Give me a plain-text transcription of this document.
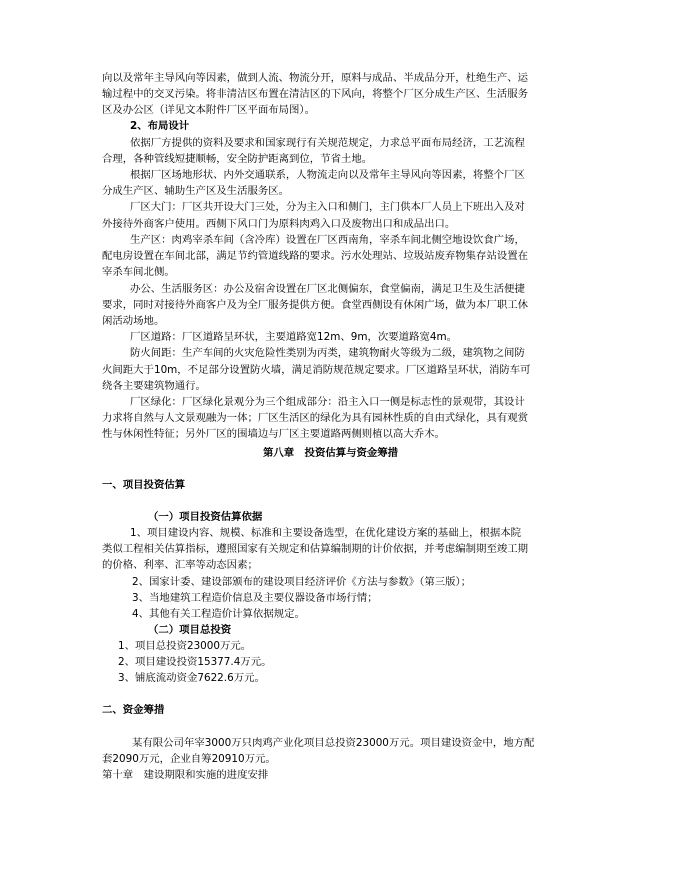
向以及常年主导风向等因素，做到人流、物流分开，原料与成品、半成品分开，杜绝生产、运
输过程中的交叉污染。将非清洁区布置在清洁区的下风向，将整个厂区分成生产区、生活服务
区及办公区（详见文本附件厂区平面布局图）。
2、布局设计
依据厂方提供的资料及要求和国家现行有关规范规定，力求总平面布局经济，工艺流程
合理，各种管线短捷顺畅，安全防护距离到位，节省土地。
根据厂区场地形状、内外交通联系，人物流走向以及常年主导风向等因素，将整个厂区
分成生产区、辅助生产区及生活服务区。
厂区大门：厂区共开设大门三处，分为主入口和侧门，主门供本厂人员上下班出入及对
外接待外商客户使用。西侧下风口门为原料肉鸡入口及废物出口和成品出口。
生产区：肉鸡宰杀车间（含冷库）设置在厂区西南角，宰杀车间北侧空地设饮食广场，
配电房设置在车间北部，满足节约管道线路的要求。污水处理站、垃圾站废弃物集存站设置在
宰杀车间北侧。
办公、生活服务区：办公及宿舍设置在厂区北侧偏东，食堂偏南，满足卫生及生活便捷
要求，同时对接待外商客户及为全厂服务提供方便。食堂西侧设有休闲广场，做为本厂职工休
闲活动场地。
厂区道路：厂区道路呈环状，主要道路宽12m、9m，次要道路宽4m。
防火间距：生产车间的火灾危险性类别为丙类，建筑物耐火等级为二级，建筑物之间防
火间距大于10m，不足部分设置防火墙，满足消防规范规定要求。厂区道路呈环状，消防车可
绕各主要建筑物通行。
厂区绿化：厂区绿化景观分为三个组成部分：沿主入口一侧是标志性的景观带，其设计
力求将自然与人文景观融为一体；厂区生活区的绿化为具有园林性质的自由式绿化，具有观赏
性与休闲性特征；另外厂区的围墙边与厂区主要道路两侧则植以高大乔木。
第八章　投资估算与资金筹措
一、项目投资估算
（一）项目投资估算依据
1、项目建设内容、规模、标准和主要设备选型，在优化建设方案的基础上，根据本院
类似工程相关估算指标，遵照国家有关规定和估算编制期的计价依据，并考虑编制期至竣工期
的价格、利率、汇率等动态因素；
2、国家计委、建设部颁布的建设项目经济评价《方法与参数》（第三版）；
3、当地建筑工程造价信息及主要仪器设备市场行情；
4、其他有关工程造价计算依据规定。
（二）项目总投资
1、项目总投资23000万元。
2、项目建设投资15377.4万元。
3、铺底流动资金7622.6万元。
二、资金筹措
某有限公司年宰3000万只肉鸡产业化项目总投资23000万元。项目建设资金中，地方配
套2090万元，企业自筹20910万元。
第十章　建设期限和实施的进度安排
